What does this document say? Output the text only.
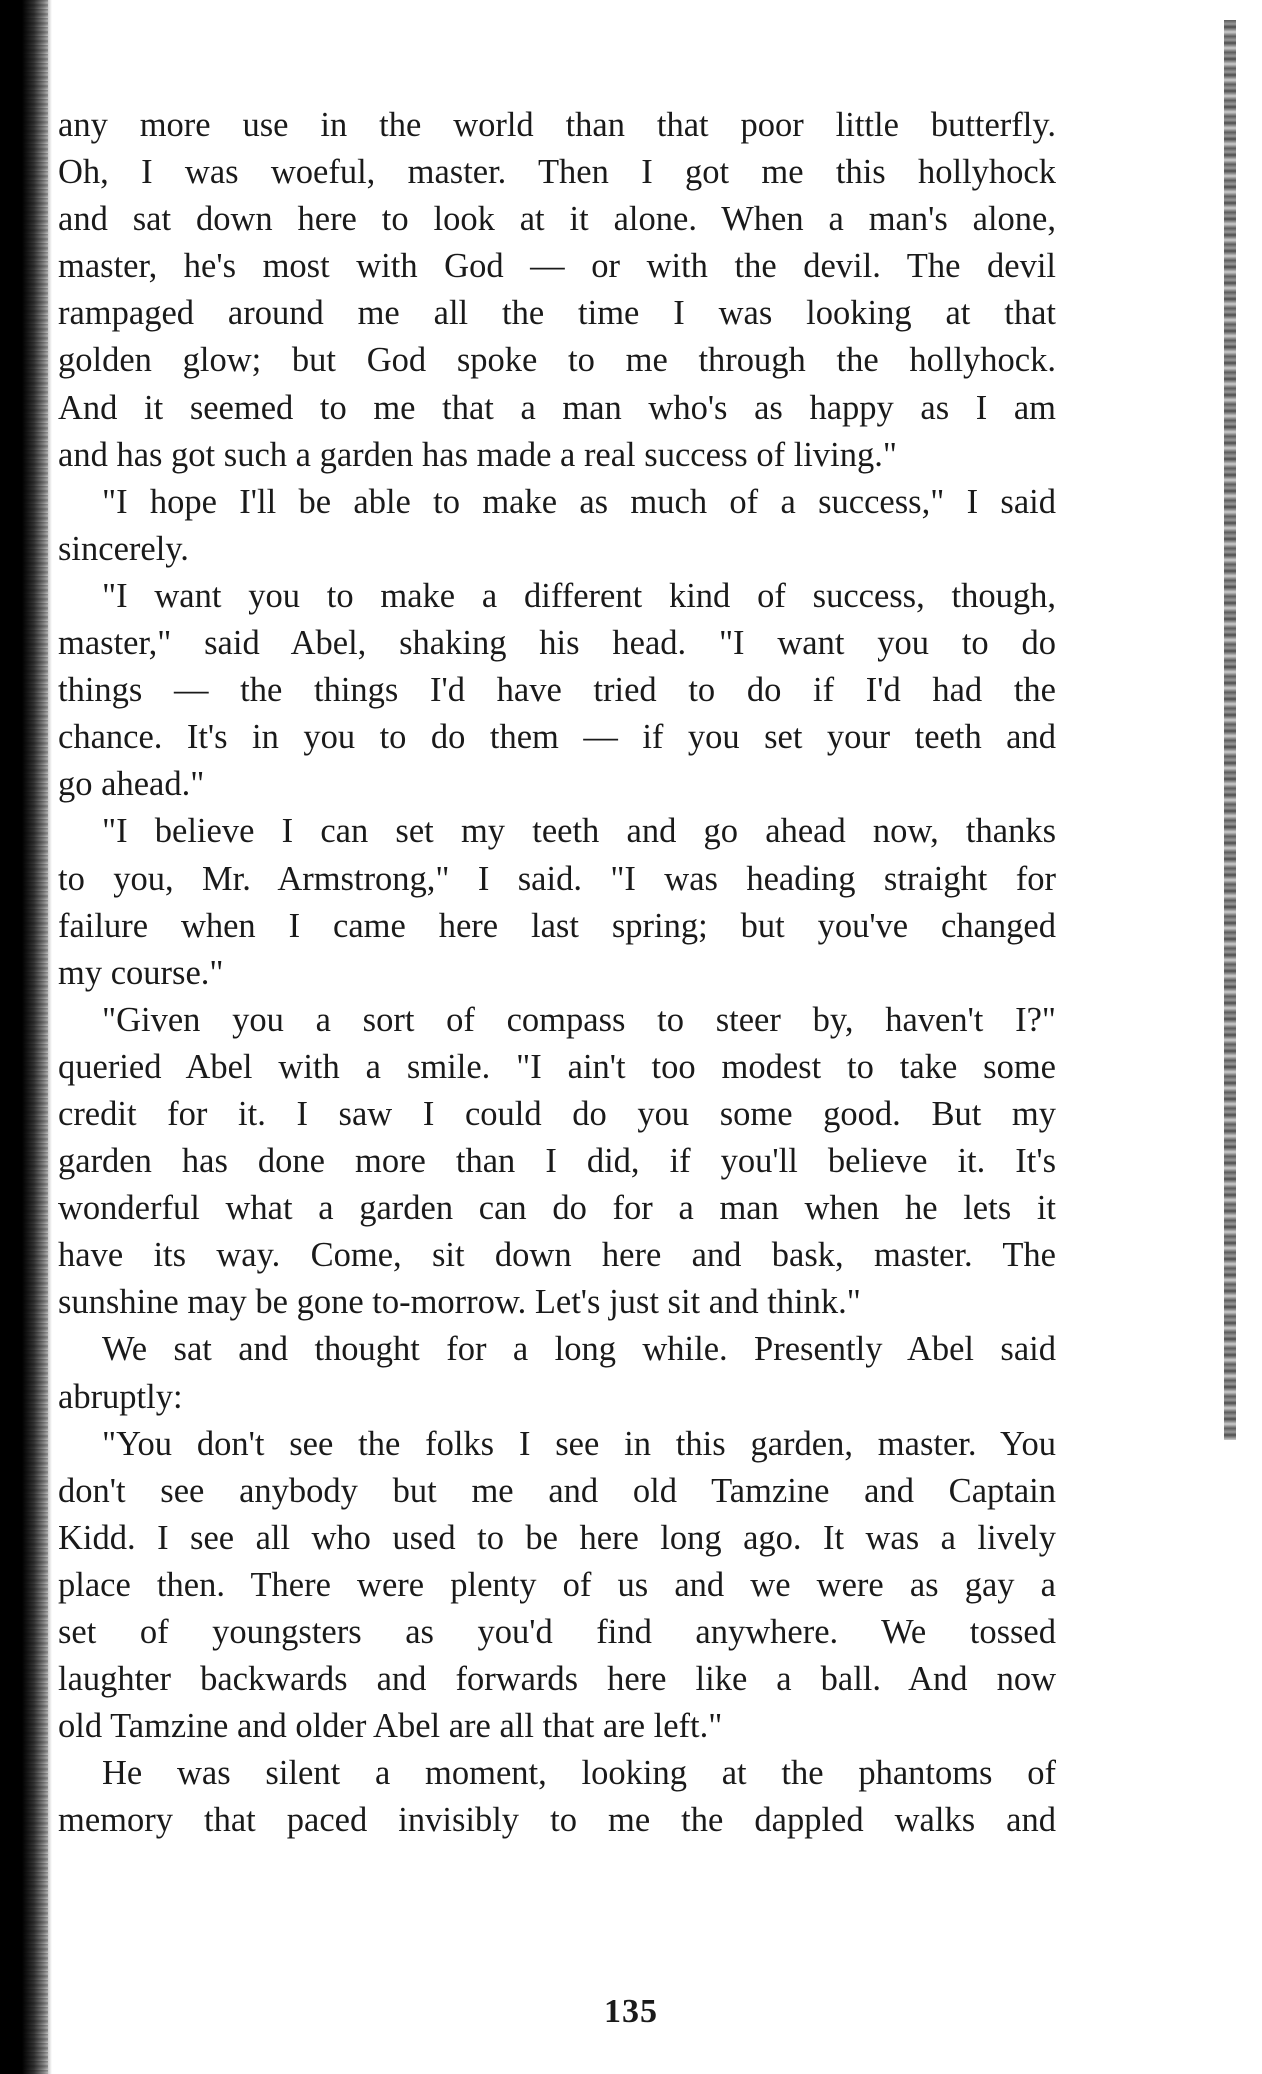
any more use in the world than that poor little butterfly.
Oh, I was woeful, master. Then I got me this hollyhock
and sat down here to look at it alone. When a man's alone,
master, he's most with God — or with the devil. The devil
rampaged around me all the time I was looking at that
golden glow; but God spoke to me through the hollyhock.
And it seemed to me that a man who's as happy as I am
and has got such a garden has made a real success of living."
"I hope I'll be able to make as much of a success," I said
sincerely.
"I want you to make a different kind of success, though,
master," said Abel, shaking his head. "I want you to do
things — the things I'd have tried to do if I'd had the
chance. It's in you to do them — if you set your teeth and
go ahead."
"I believe I can set my teeth and go ahead now, thanks
to you, Mr. Armstrong," I said. "I was heading straight for
failure when I came here last spring; but you've changed
my course."
"Given you a sort of compass to steer by, haven't I?"
queried Abel with a smile. "I ain't too modest to take some
credit for it. I saw I could do you some good. But my
garden has done more than I did, if you'll believe it. It's
wonderful what a garden can do for a man when he lets it
have its way. Come, sit down here and bask, master. The
sunshine may be gone to-morrow. Let's just sit and think."
We sat and thought for a long while. Presently Abel said
abruptly:
"You don't see the folks I see in this garden, master. You
don't see anybody but me and old Tamzine and Captain
Kidd. I see all who used to be here long ago. It was a lively
place then. There were plenty of us and we were as gay a
set of youngsters as you'd find anywhere. We tossed
laughter backwards and forwards here like a ball. And now
old Tamzine and older Abel are all that are left."
He was silent a moment, looking at the phantoms of
memory that paced invisibly to me the dappled walks and
135
